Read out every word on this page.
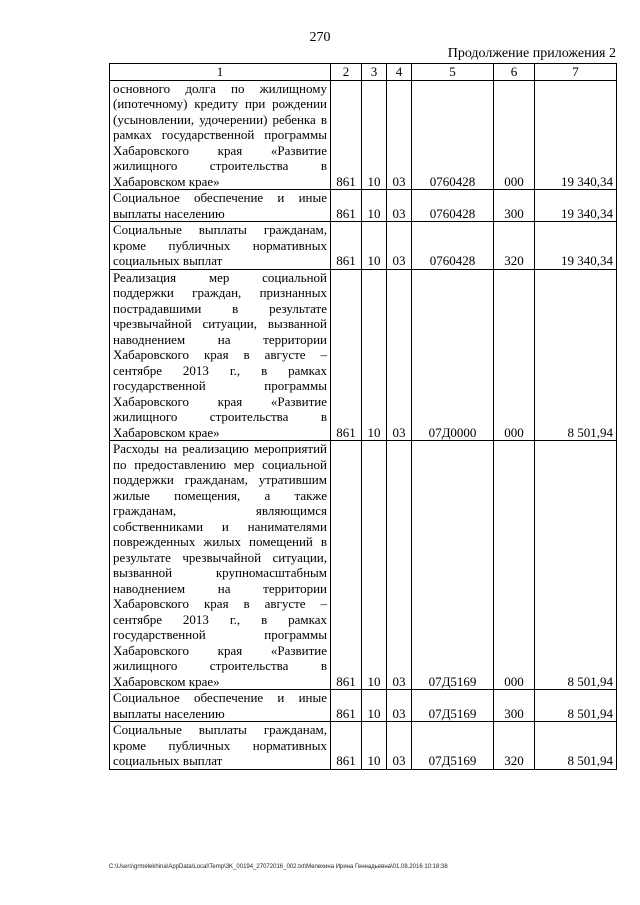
270
Продолжение приложения 2
1	2	3	4	5	6	7
основного долга по жилищному (ипотечному) кредиту при рождении (усыновлении, удочерении) ребенка в рамках государственной программы Хабаровского края «Развитие жилищного строительства в Хабаровском крае»	861	10	03	0760428	000	19 340,34
Социальное обеспечение и иные выплаты населению	861	10	03	0760428	300	19 340,34
Социальные выплаты гражданам, кроме публичных нормативных социальных выплат	861	10	03	0760428	320	19 340,34
Реализация мер социальной поддержки граждан, признанных пострадавшими в результате чрезвычайной ситуации, вызванной наводнением на территории Хабаровского края в августе – сентябре 2013 г., в рамках государственной программы Хабаровского края «Развитие жилищного строительства в Хабаровском крае»	861	10	03	07Д0000	000	8 501,94
Расходы на реализацию мероприятий по предоставлению мер социальной поддержки гражданам, утратившим жилые помещения, а также гражданам, являющимся собственниками и нанимателями поврежденных жилых помещений в результате чрезвычайной ситуации, вызванной крупномасштабным наводнением на территории Хабаровского края в августе – сентябре 2013 г., в рамках государственной программы Хабаровского края «Развитие жилищного строительства в Хабаровском крае»	861	10	03	07Д5169	000	8 501,94
Социальное обеспечение и иные выплаты населению	861	10	03	07Д5169	300	8 501,94
Социальные выплаты гражданам, кроме публичных нормативных социальных выплат	861	10	03	07Д5169	320	8 501,94
C:\Users\grmelekhina\AppData\Local\Temp\3K_00194_27072016_002.txt\Мелехина Ирина Геннадьевна\01.08.2016 10:18:38
